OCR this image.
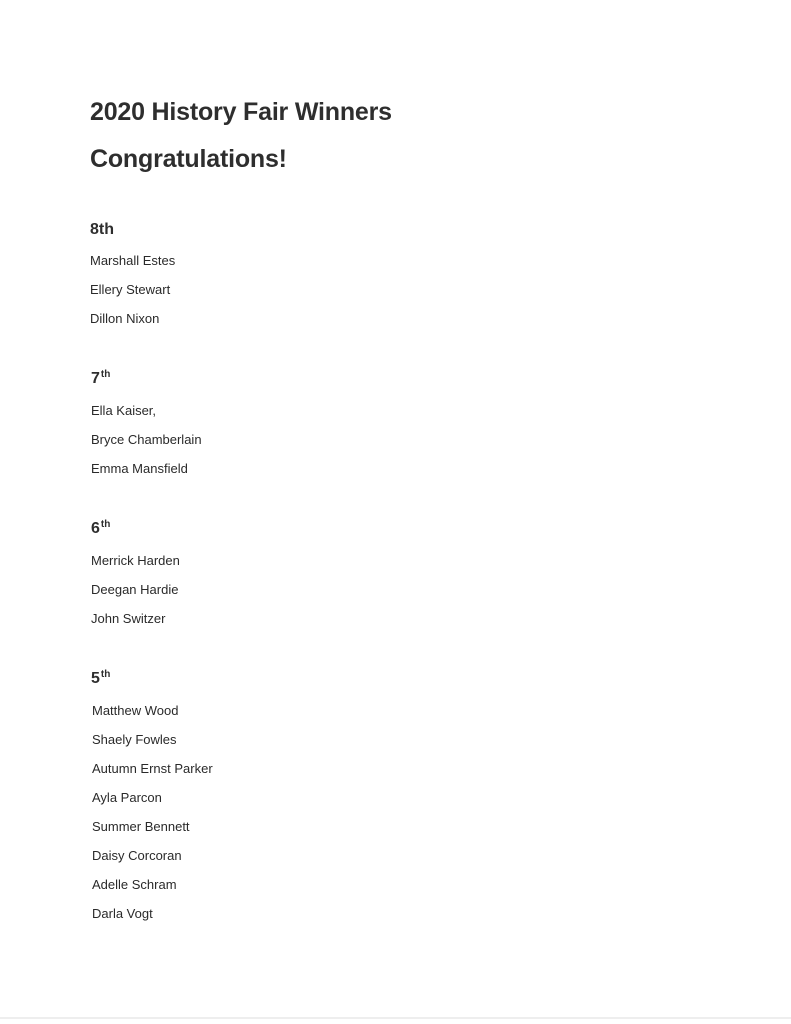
2020 History Fair Winners
Congratulations!
8th
Marshall Estes
Ellery Stewart
Dillon Nixon
7th
Ella Kaiser,
Bryce Chamberlain
Emma Mansfield
6th
Merrick Harden
Deegan Hardie
John Switzer
5th
Matthew Wood
Shaely Fowles
Autumn Ernst Parker
Ayla Parcon
Summer Bennett
Daisy Corcoran
Adelle Schram
Darla Vogt
